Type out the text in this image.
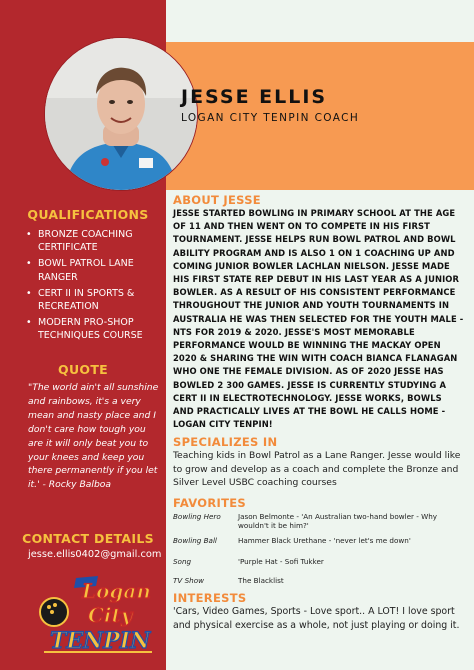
JESSE ELLIS
LOGAN CITY TENPIN COACH
QUALIFICATIONS
• BRONZE COACHING CERTIFICATE
• BOWL PATROL LANE RANGER
• CERT II IN SPORTS & RECREATION
• MODERN PRO-SHOP TECHNIQUES COURSE
QUOTE
"The world ain't all sunshine and rainbows, it's a very mean and nasty place and I don't care how tough you are it will only beat you to your knees and keep you there permanently if you let it.' - Rocky Balboa
CONTACT DETAILS
jesse.ellis0402@gmail.com
Logan
City
TENPIN
ABOUT JESSE
JESSE STARTED BOWLING IN PRIMARY SCHOOL AT THE AGE OF 11 AND THEN WENT ON TO COMPETE IN HIS FIRST TOURNAMENT. JESSE HELPS RUN BOWL PATROL AND BOWL ABILITY PROGRAM AND IS ALSO 1 ON 1 COACHING UP AND COMING JUNIOR BOWLER LACHLAN NIELSON. JESSE MADE HIS FIRST STATE REP DEBUT IN HIS LAST YEAR AS A JUNIOR BOWLER. AS A RESULT OF HIS CONSISTENT PERFORMANCE THROUGHOUT THE JUNIOR AND YOUTH TOURNAMENTS IN AUSTRALIA HE WAS THEN SELECTED FOR THE YOUTH MALE - NTS FOR 2019 & 2020. JESSE'S MOST MEMORABLE PERFORMANCE WOULD BE WINNING THE MACKAY OPEN 2020 & SHARING THE WIN WITH COACH BIANCA FLANAGAN WHO ONE THE FEMALE DIVISION. AS OF 2020 JESSE HAS BOWLED 2 300 GAMES. JESSE IS CURRENTLY STUDYING A CERT II IN ELECTROTECHNOLOGY. JESSE WORKS, BOWLS AND PRACTICALLY LIVES AT THE BOWL HE CALLS HOME - LOGAN CITY TENPIN!
SPECIALIZES IN
Teaching kids in Bowl Patrol as a Lane Ranger. Jesse would like to grow and develop as a coach and complete the Bronze and Silver Level USBC coaching courses
FAVORITES
Bowling Hero	Jason Belmonte - 'An Australian two-hand bowler - Why wouldn't it be him?'
Bowling Ball	Hammer Black Urethane - 'never let's me down'
Song	'Purple Hat - Sofi Tukker
TV Show	The Blacklist
INTERESTS
'Cars, Video Games, Sports - Love sport.. A LOT! I love sport and physical exercise as a whole, not just playing or doing it.
